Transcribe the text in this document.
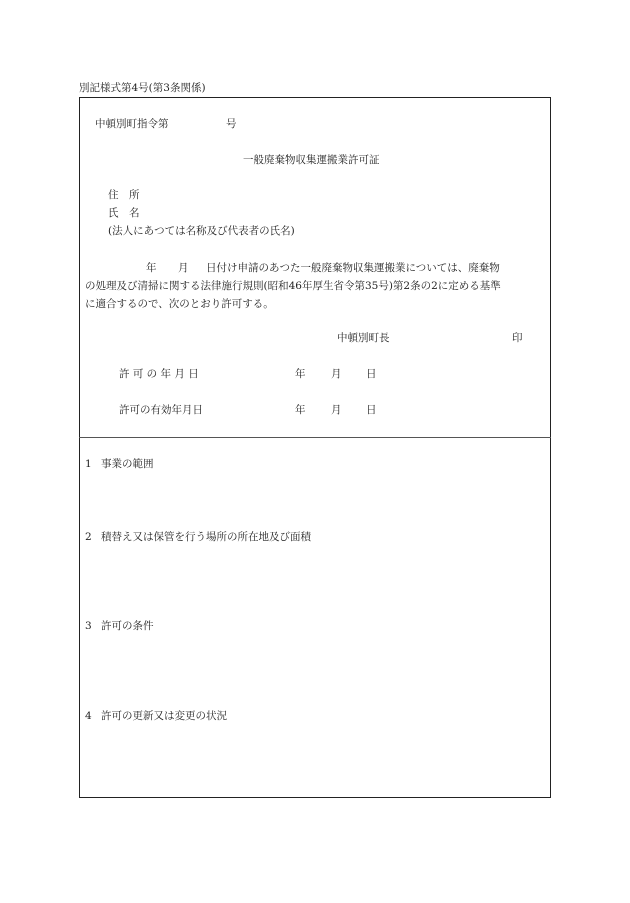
別記様式第4号(第3条関係)
中頓別町指令第	号
一般廃棄物収集運搬業許可証
住　所
氏　名
(法人にあつては名称及び代表者の氏名)
年 月 日付け申請のあつた一般廃棄物収集運搬業については、廃棄物
の処理及び清掃に関する法律施行規則(昭和46年厚生省令第35号)第2条の2に定める基準
に適合するので、次のとおり許可する。
中頓別町長	印
許 可 の 年 月 日	年 月 日
許可の有効年月日	年 月 日
1 事業の範囲
2 積替え又は保管を行う場所の所在地及び面積
3 許可の条件
4 許可の更新又は変更の状況
